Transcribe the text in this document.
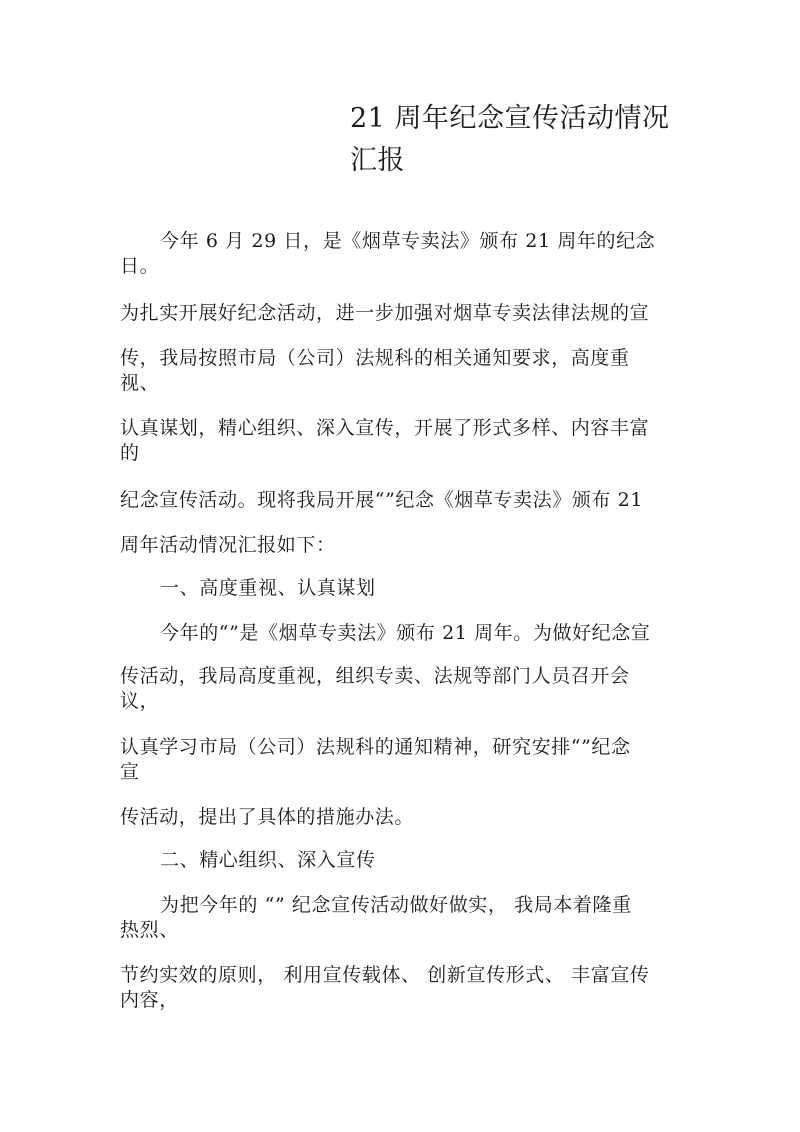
21 周年纪念宣传活动情况
汇报
今年 6 月 29 日，是《烟草专卖法》颁布 21 周年的纪念
日。
为扎实开展好纪念活动，进一步加强对烟草专卖法律法规的宣
传，我局按照市局（公司）法规科的相关通知要求，高度重
视、
认真谋划，精心组织、深入宣传，开展了形式多样、内容丰富
的
纪念宣传活动。现将我局开展“”纪念《烟草专卖法》颁布 21
周年活动情况汇报如下：
一、高度重视、认真谋划
今年的“”是《烟草专卖法》颁布 21 周年。为做好纪念宣
传活动，我局高度重视，组织专卖、法规等部门人员召开会
议，
认真学习市局（公司）法规科的通知精神，研究安排“”纪念
宣
传活动，提出了具体的措施办法。
二、精心组织、深入宣传
为把今年的 “” 纪念宣传活动做好做实， 我局本着隆重
热烈、
节约实效的原则， 利用宣传载体、 创新宣传形式、 丰富宣传
内容，
